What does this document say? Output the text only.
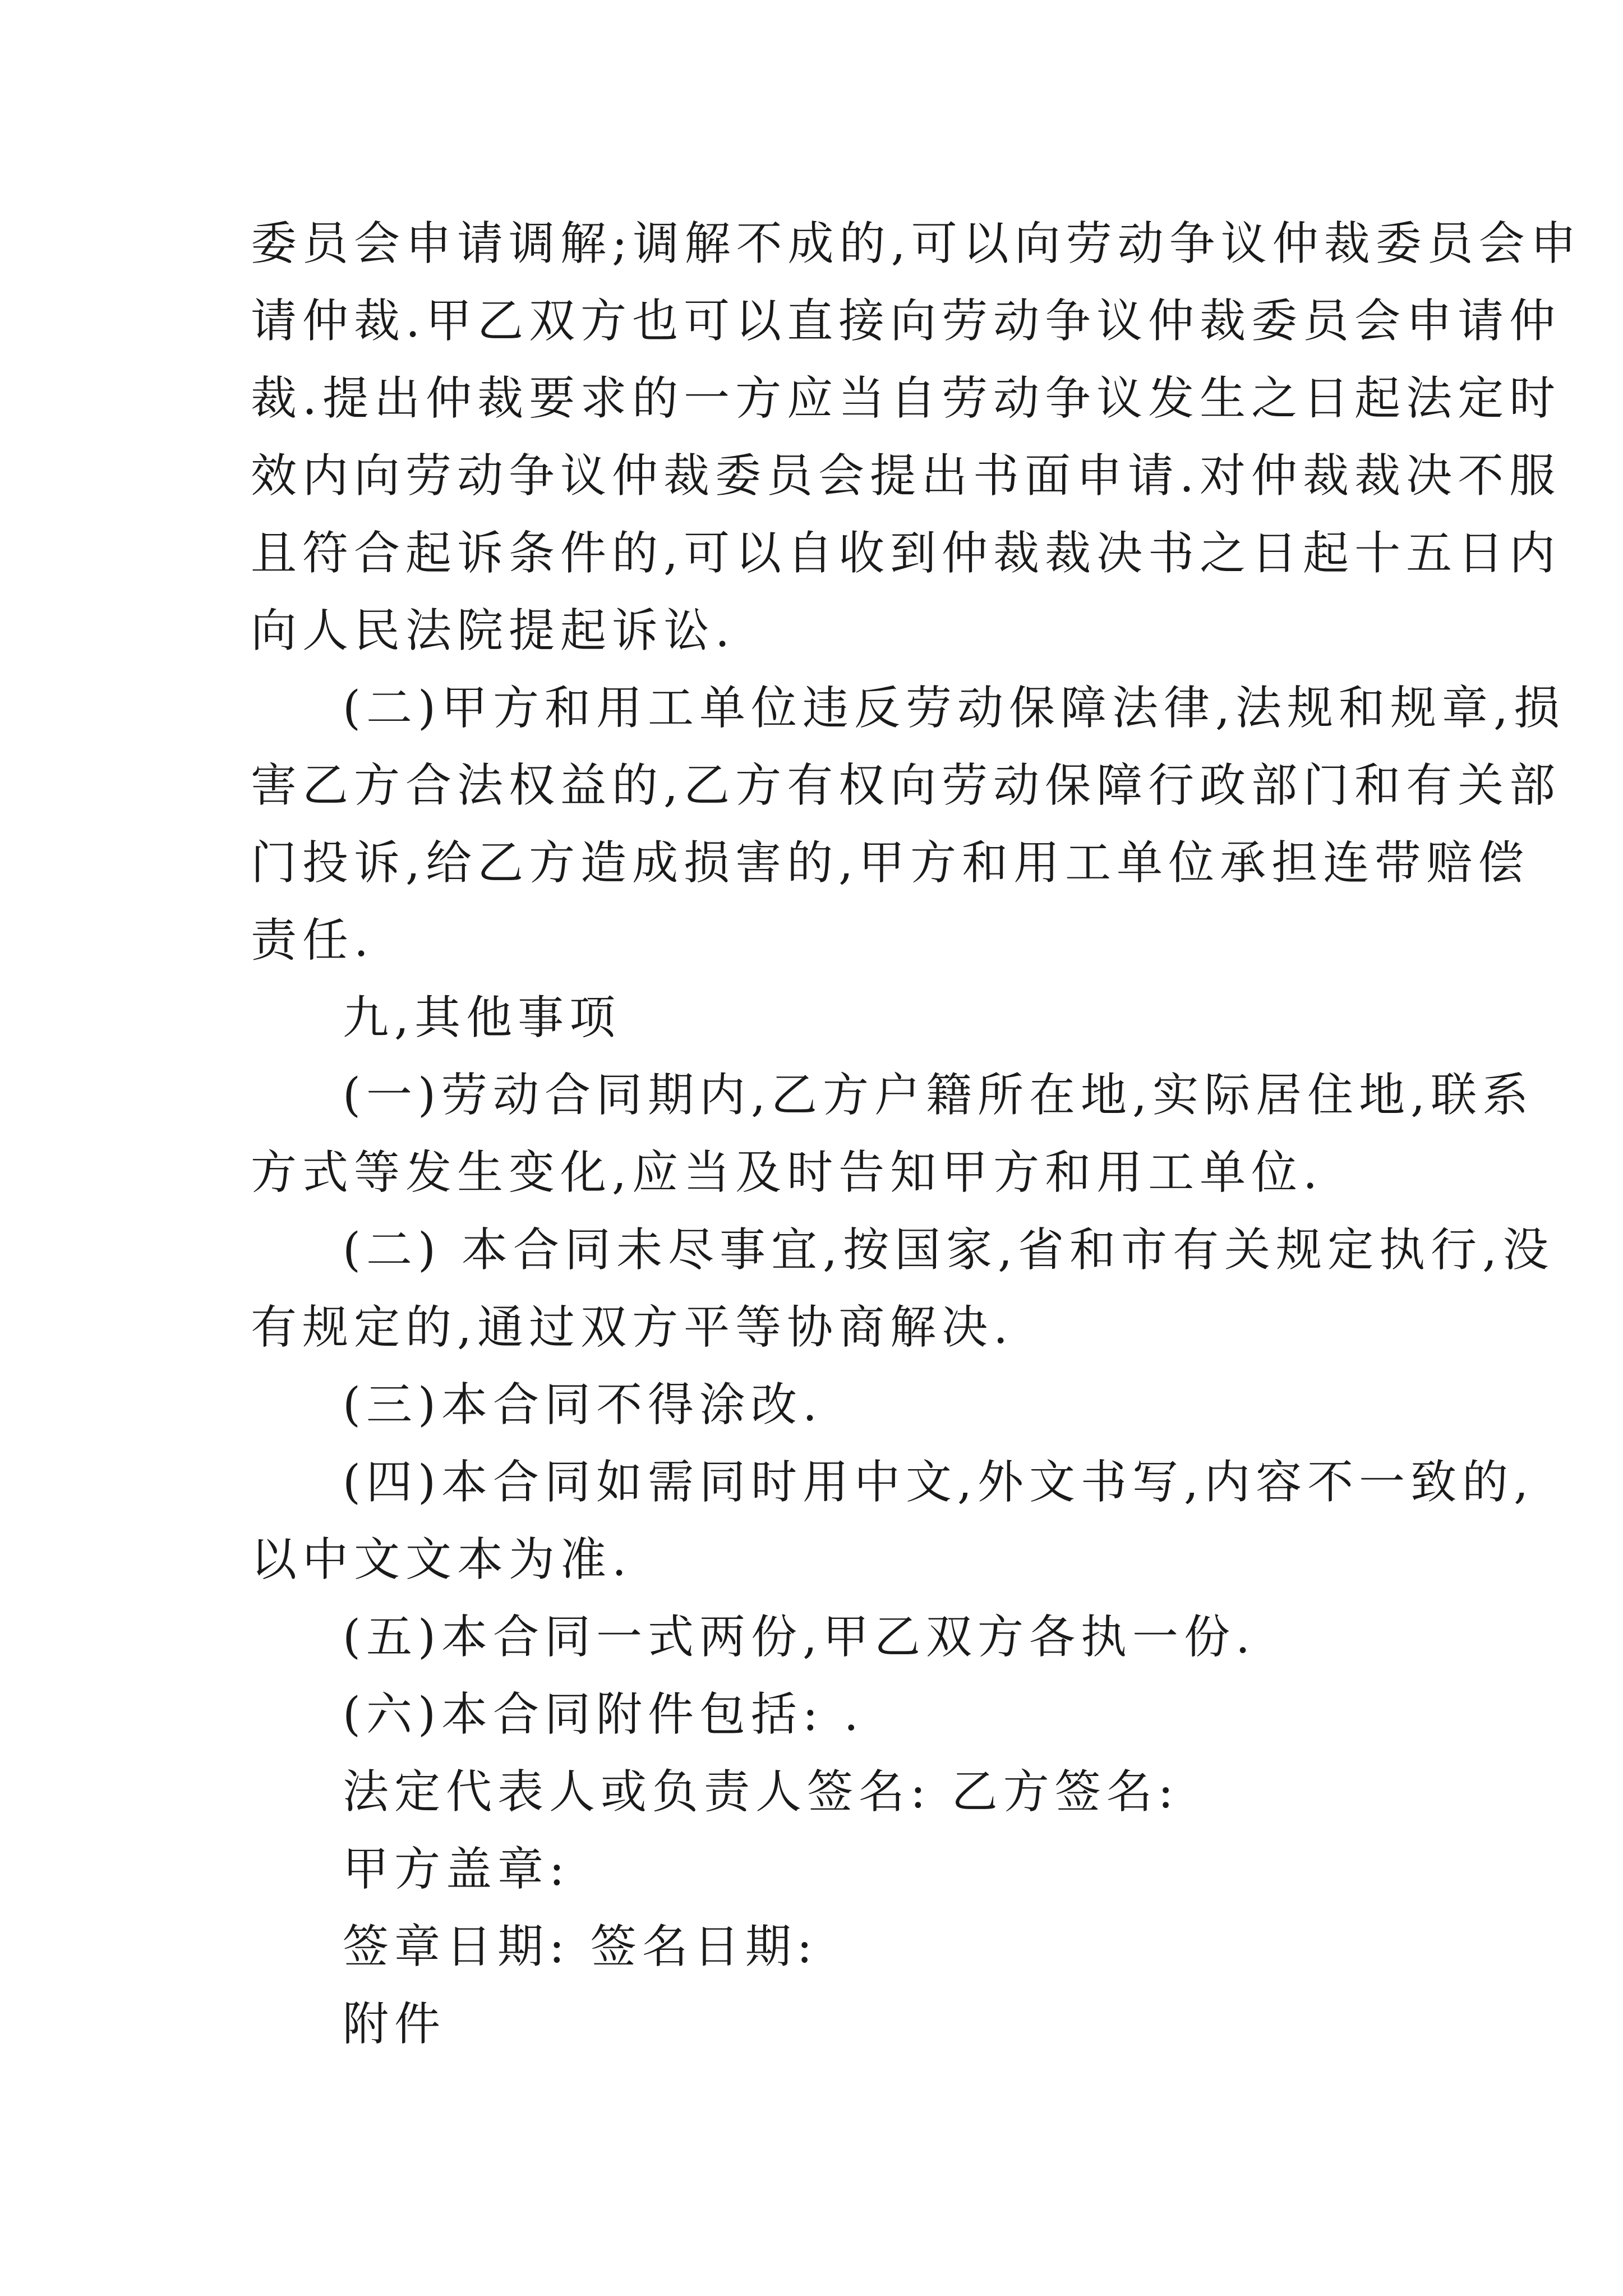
委员会申请调解;调解不成的,可以向劳动争议仲裁委员会申
请仲裁.甲乙双方也可以直接向劳动争议仲裁委员会申请仲
裁.提出仲裁要求的一方应当自劳动争议发生之日起法定时
效内向劳动争议仲裁委员会提出书面申请.对仲裁裁决不服
且符合起诉条件的,可以自收到仲裁裁决书之日起十五日内
向人民法院提起诉讼.
(二)甲方和用工单位违反劳动保障法律,法规和规章,损
害乙方合法权益的,乙方有权向劳动保障行政部门和有关部
门投诉,给乙方造成损害的,甲方和用工单位承担连带赔偿
责任.
九,其他事项
(一)劳动合同期内,乙方户籍所在地,实际居住地,联系
方式等发生变化,应当及时告知甲方和用工单位.
(二) 本合同未尽事宜,按国家,省和市有关规定执行,没
有规定的,通过双方平等协商解决.
(三)本合同不得涂改.
(四)本合同如需同时用中文,外文书写,内容不一致的,
以中文文本为准.
(五)本合同一式两份,甲乙双方各执一份.
(六)本合同附件包括: .
法定代表人或负责人签名: 乙方签名:
甲方盖章:
签章日期: 签名日期:
附件
